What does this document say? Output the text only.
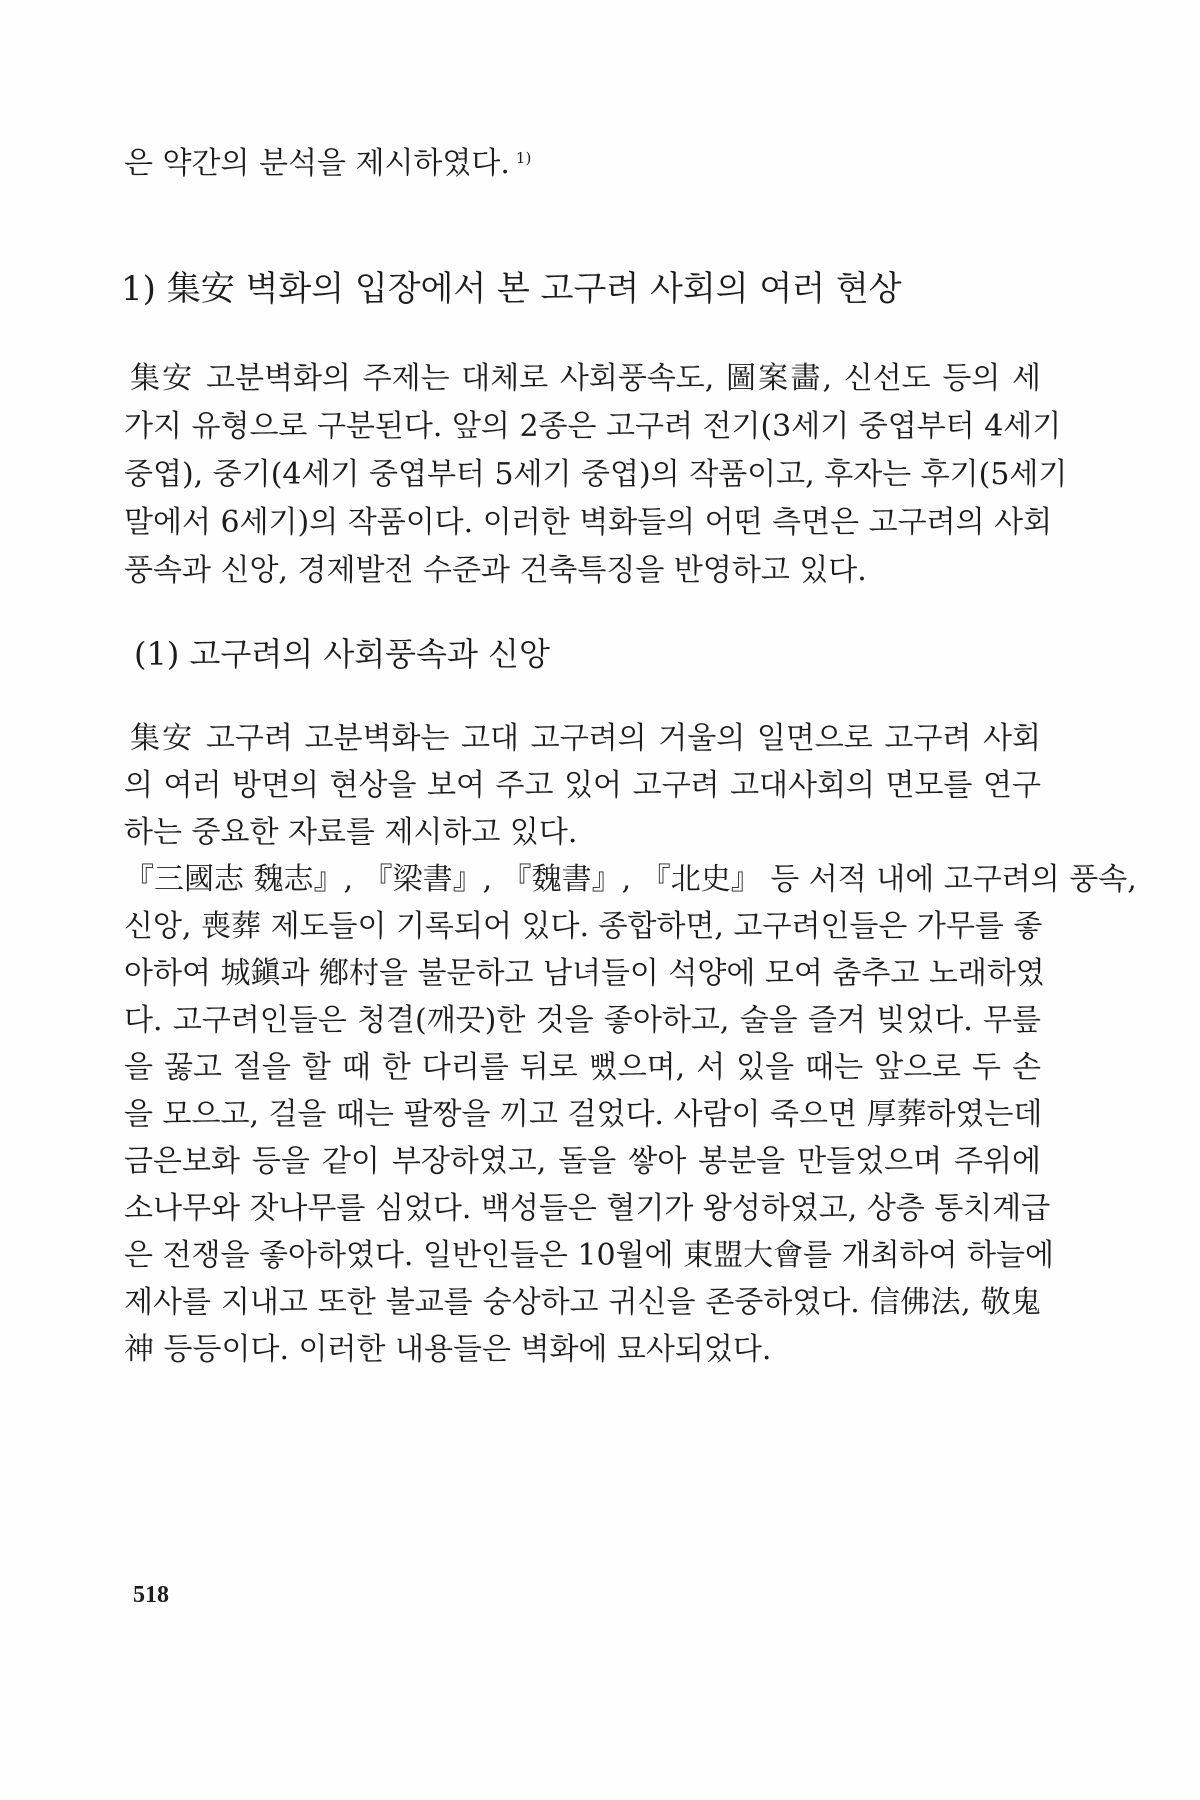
은 약간의 분석을 제시하였다. $^{1)}$
1) 集安 벽화의 입장에서 본 고구려 사회의 여러 현상
集安 고분벽화의 주제는 대체로 사회풍속도, 圖案畵, 신선도 등의 세
가지 유형으로 구분된다. 앞의 2종은 고구려 전기(3세기 중엽부터 4세기
중엽), 중기(4세기 중엽부터 5세기 중엽)의 작품이고, 후자는 후기(5세기
말에서 6세기)의 작품이다. 이러한 벽화들의 어떤 측면은 고구려의 사회
풍속과 신앙, 경제발전 수준과 건축특징을 반영하고 있다.
(1) 고구려의 사회풍속과 신앙
集安 고구려 고분벽화는 고대 고구려의 거울의 일면으로 고구려 사회
의 여러 방면의 현상을 보여 주고 있어 고구려 고대사회의 면모를 연구
하는 중요한 자료를 제시하고 있다.
『三國志 魏志』, 『梁書』, 『魏書』, 『北史』 등 서적 내에 고구려의 풍속,
신앙, 喪葬 제도들이 기록되어 있다. 종합하면, 고구려인들은 가무를 좋
아하여 城鎭과 鄕村을 불문하고 남녀들이 석양에 모여 춤추고 노래하였
다. 고구려인들은 청결(깨끗)한 것을 좋아하고, 술을 즐겨 빚었다. 무릎
을 꿇고 절을 할 때 한 다리를 뒤로 뻤으며, 서 있을 때는 앞으로 두 손
을 모으고, 걸을 때는 팔짱을 끼고 걸었다. 사람이 죽으면 厚葬하였는데
금은보화 등을 같이 부장하였고, 돌을 쌓아 봉분을 만들었으며 주위에
소나무와 잣나무를 심었다. 백성들은 혈기가 왕성하였고, 상층 통치계급
은 전쟁을 좋아하였다. 일반인들은 10월에 東盟大會를 개최하여 하늘에
제사를 지내고 또한 불교를 숭상하고 귀신을 존중하였다. 信佛法, 敬鬼
神 등등이다. 이러한 내용들은 벽화에 묘사되었다.
518
